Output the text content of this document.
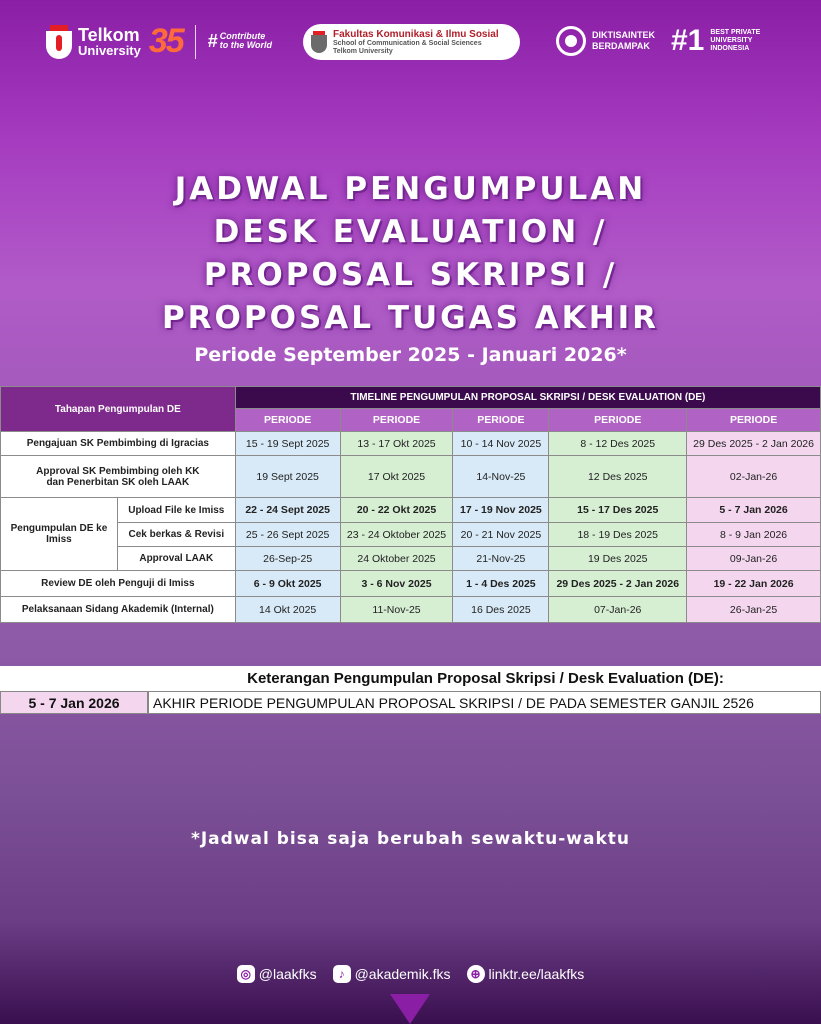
Telkom
University 35 # Contribute
to the World
Fakultas Komunikasi & Ilmu Sosial
School of Communication & Social Sciences
Telkom University
DIKTISAINTEK
BERDAMPAK #1 BEST PRIVATE
UNIVERSITY
INDONESIA
JADWAL PENGUMPULAN
DESK EVALUATION /
PROPOSAL SKRIPSI /
PROPOSAL TUGAS AKHIR
Periode September 2025 - Januari 2026*
Tahapan Pengumpulan DE		TIMELINE PENGUMPULAN PROPOSAL SKRIPSI / DESK EVALUATION (DE)				
		PERIODE	PERIODE	PERIODE	PERIODE	PERIODE
Pengajuan SK Pembimbing di Igracias		15 - 19 Sept 2025	13 - 17 Okt 2025	10 - 14 Nov 2025	8 - 12 Des 2025	29 Des 2025 - 2 Jan 2026

Approval SK Pembimbing oleh KK
dan Penerbitan SK oleh LAAK		19 Sept 2025	17 Okt 2025	14-Nov-25	12 Des 2025	02-Jan-26

Pengumpulan DE ke
Imiss	Upload File ke Imiss	22 - 24 Sept 2025	20 - 22 Okt 2025	17 - 19 Nov 2025	15 - 17 Des 2025	5 - 7 Jan 2026
	Cek berkas & Revisi	25 - 26 Sept 2025	23 - 24 Oktober 2025	20 - 21 Nov 2025	18 - 19 Des 2025	8 - 9 Jan 2026
	Approval LAAK	26-Sep-25	24 Oktober 2025	21-Nov-25	19 Des 2025	09-Jan-26
Review DE oleh Penguji di Imiss		6 - 9 Okt 2025	3 - 6 Nov 2025	1 - 4 Des 2025	29 Des 2025 - 2 Jan 2026	19 - 22 Jan 2026
Pelaksanaan Sidang Akademik (Internal)		14 Okt 2025	11-Nov-25	16 Des 2025	07-Jan-26	26-Jan-25
Keterangan Pengumpulan Proposal Skripsi / Desk Evaluation (DE):
5 - 7 Jan 2026	AKHIR PERIODE PENGUMPULAN PROPOSAL SKRIPSI / DE PADA SEMESTER GANJIL 2526
*Jadwal bisa saja berubah sewaktu-waktu
◎ @laakfks	♪ @akademik.fks	⊕ linktr.ee/laakfks
